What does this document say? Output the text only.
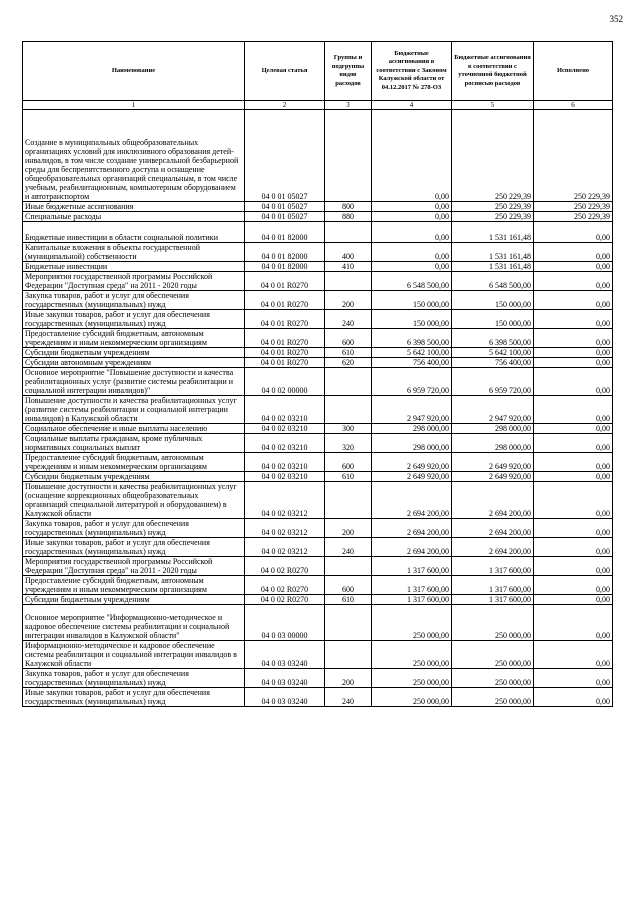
352
Наименование	Целевая статья	Группы и подгруппы видов расходов	Бюджетные ассигнования в соответствии с Законом Калужской области от 04.12.2017 № 278-ОЗ	Бюджетные ассигнования в соответствии с уточненной бюджетной росписью расходов	Исполнено
1	2	3	4	5	6
Создание в муниципальных общеобразовательных организациях условий для инклюзивного образования детей-инвалидов, в том числе создание универсальной безбарьерной среды для беспрепятственного доступа и оснащение общеобразовательных организаций специальным, в том числе учебным, реабилитационным, компьютерным оборудованием и автотранспортом	04 0 01 05027		0,00	250 229,39	250 229,39
Иные бюджетные ассигнования	04 0 01 05027	800	0,00	250 229,39	250 229,39
Специальные расходы	04 0 01 05027	880	0,00	250 229,39	250 229,39
Бюджетные инвестиции в области социальной политики	04 0 01 82000		0,00	1 531 161,48	0,00
Капитальные вложения в объекты государственной (муниципальной) собственности	04 0 01 82000	400	0,00	1 531 161,48	0,00
Бюджетные инвестиции	04 0 01 82000	410	0,00	1 531 161,48	0,00
Мероприятия государственной программы Российской Федерации "Доступная среда" на 2011 - 2020 годы	04 0 01 R0270		6 548 500,00	6 548 500,00	0,00
Закупка товаров, работ и услуг для обеспечения государственных (муниципальных) нужд	04 0 01 R0270	200	150 000,00	150 000,00	0,00
Иные закупки товаров, работ и услуг для обеспечения государственных (муниципальных) нужд	04 0 01 R0270	240	150 000,00	150 000,00	0,00
Предоставление субсидий бюджетным, автономным учреждениям и иным некоммерческим организациям	04 0 01 R0270	600	6 398 500,00	6 398 500,00	0,00
Субсидии бюджетным учреждениям	04 0 01 R0270	610	5 642 100,00	5 642 100,00	0,00
Субсидии автономным учреждениям	04 0 01 R0270	620	756 400,00	756 400,00	0,00
Основное мероприятие "Повышение доступности и качества реабилитационных услуг (развитие системы реабилитации и социальной интеграции инвалидов)"	04 0 02 00000		6 959 720,00	6 959 720,00	0,00
Повышение доступности и качества реабилитационных услуг (развитие системы реабилитации и социальной интеграции инвалидов) в Калужской области	04 0 02 03210		2 947 920,00	2 947 920,00	0,00
Социальное обеспечение и иные выплаты населению	04 0 02 03210	300	298 000,00	298 000,00	0,00
Социальные выплаты гражданам, кроме публичных нормативных социальных выплат	04 0 02 03210	320	298 000,00	298 000,00	0,00
Предоставление субсидий бюджетным, автономным учреждениям и иным некоммерческим организациям	04 0 02 03210	600	2 649 920,00	2 649 920,00	0,00
Субсидии бюджетным учреждениям	04 0 02 03210	610	2 649 920,00	2 649 920,00	0,00
Повышение доступности и качества реабилитационных услуг (оснащение коррекционных общеобразовательных организаций специальной литературой и оборудованием) в Калужской области	04 0 02 03212		2 694 200,00	2 694 200,00	0,00
Закупка товаров, работ и услуг для обеспечения государственных (муниципальных) нужд	04 0 02 03212	200	2 694 200,00	2 694 200,00	0,00
Иные закупки товаров, работ и услуг для обеспечения государственных (муниципальных) нужд	04 0 02 03212	240	2 694 200,00	2 694 200,00	0,00
Мероприятия государственной программы Российской Федерации "Доступная среда" на 2011 - 2020 годы	04 0 02 R0270		1 317 600,00	1 317 600,00	0,00
Предоставление субсидий бюджетным, автономным учреждениям и иным некоммерческим организациям	04 0 02 R0270	600	1 317 600,00	1 317 600,00	0,00
Субсидии бюджетным учреждениям	04 0 02 R0270	610	1 317 600,00	1 317 600,00	0,00
Основное мероприятие "Информационно-методическое и кадровое обеспечение системы реабилитации и социальной интеграции инвалидов в Калужской области"	04 0 03 00000		250 000,00	250 000,00	0,00
Информационно-методическое и кадровое обеспечение системы реабилитации и социальной интеграции инвалидов в Калужской области	04 0 03 03240		250 000,00	250 000,00	0,00
Закупка товаров, работ и услуг для обеспечения государственных (муниципальных) нужд	04 0 03 03240	200	250 000,00	250 000,00	0,00
Иные закупки товаров, работ и услуг для обеспечения государственных (муниципальных) нужд	04 0 03 03240	240	250 000,00	250 000,00	0,00
